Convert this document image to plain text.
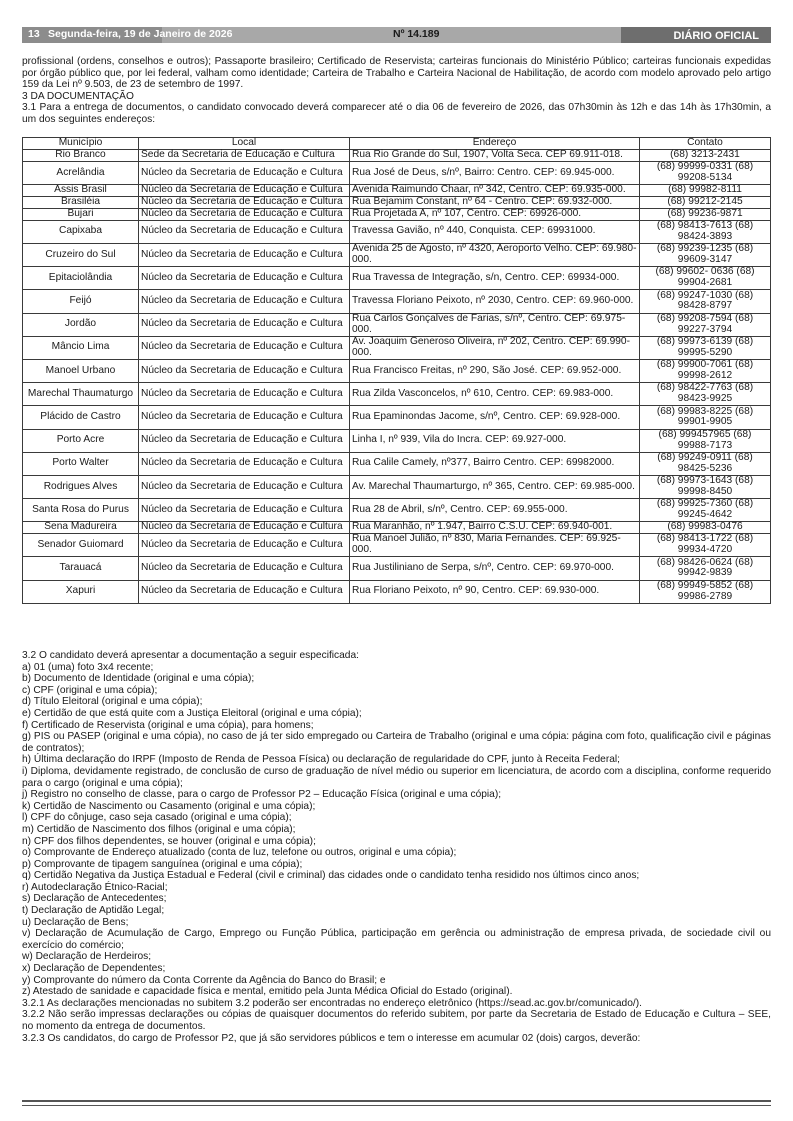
13 Segunda-feira, 19 de Janeiro de 2026	Nº 14.189	DIÁRIO OFICIAL

profissional (ordens, conselhos e outros); Passaporte brasileiro; Certificado de Reservista; carteiras funcionais do Ministério Público; carteiras funcionais expedidas por órgão público que, por lei federal, valham como identidade; Carteira de Trabalho e Carteira Nacional de Habilitação, de acordo com modelo aprovado pelo artigo 159 da Lei nº 9.503, de 23 de setembro de 1997.

3 DA DOCUMENTAÇÃO

3.1 Para a entrega de documentos, o candidato convocado deverá comparecer até o dia 06 de fevereiro de 2026, das 07h30min às 12h e das 14h às 17h30min, a um dos seguintes endereços:

Município	Local	Endereço	Contato
Rio Branco	Sede da Secretaria de Educação e Cultura	Rua Rio Grande do Sul, 1907, Volta Seca. CEP 69.911-018.	(68) 3213-2431
Acrelândia	Núcleo da Secretaria de Educação e Cultura	Rua José de Deus, s/nº, Bairro: Centro. CEP: 69.945-000.	(68) 99999-0331 (68) 99208-5134
Assis Brasil	Núcleo da Secretaria de Educação e Cultura	Avenida Raimundo Chaar, nº 342, Centro. CEP: 69.935-000.	(68) 99982-8111
Brasiléia	Núcleo da Secretaria de Educação e Cultura	Rua Bejamim Constant, nº 64 - Centro. CEP: 69.932-000.	(68) 99212-2145
Bujari	Núcleo da Secretaria de Educação e Cultura	Rua Projetada A, nº 107, Centro. CEP: 69926-000.	(68) 99236-9871
Capixaba	Núcleo da Secretaria de Educação e Cultura	Travessa Gavião, nº 440, Conquista. CEP: 69931000.	(68) 98413-7613 (68) 98424-3893
Cruzeiro do Sul	Núcleo da Secretaria de Educação e Cultura	Avenida 25 de Agosto, nº 4320, Aeroporto Velho. CEP: 69.980-000.	(68) 99239-1235 (68) 99609-3147
Epitaciolândia	Núcleo da Secretaria de Educação e Cultura	Rua Travessa de Integração, s/n, Centro. CEP: 69934-000.	(68) 99602- 0636 (68) 99904-2681
Feijó	Núcleo da Secretaria de Educação e Cultura	Travessa Floriano Peixoto, nº 2030, Centro. CEP: 69.960-000.	(68) 99247-1030 (68) 98428-8797
Jordão	Núcleo da Secretaria de Educação e Cultura	Rua Carlos Gonçalves de Farias, s/nº, Centro. CEP: 69.975-000.	(68) 99208-7594 (68) 99227-3794
Mâncio Lima	Núcleo da Secretaria de Educação e Cultura	Av. Joaquim Generoso Oliveira, nº 202, Centro. CEP: 69.990-000.	(68) 99973-6139 (68) 99995-5290
Manoel Urbano	Núcleo da Secretaria de Educação e Cultura	Rua Francisco Freitas, nº 290, São José. CEP: 69.952-000.	(68) 99900-7061 (68) 99998-2612
Marechal Thaumaturgo	Núcleo da Secretaria de Educação e Cultura	Rua Zilda Vasconcelos, nº 610, Centro. CEP: 69.983-000.	(68) 98422-7763 (68) 98423-9925
Plácido de Castro	Núcleo da Secretaria de Educação e Cultura	Rua Epaminondas Jacome, s/nº, Centro. CEP: 69.928-000.	(68) 99983-8225 (68) 99901-9905
Porto Acre	Núcleo da Secretaria de Educação e Cultura	Linha I, nº 939, Vila do Incra. CEP: 69.927-000.	(68) 999457965 (68) 99988-7173
Porto Walter	Núcleo da Secretaria de Educação e Cultura	Rua Calile Camely, nº377, Bairro Centro. CEP: 69982000.	(68) 99249-0911 (68) 98425-5236
Rodrigues Alves	Núcleo da Secretaria de Educação e Cultura	Av. Marechal Thaumarturgo, nº 365, Centro. CEP: 69.985-000.	(68) 99973-1643 (68) 99998-8450
Santa Rosa do Purus	Núcleo da Secretaria de Educação e Cultura	Rua 28 de Abril, s/nº, Centro. CEP: 69.955-000.	(68) 99925-7360 (68) 99245-4642
Sena Madureira	Núcleo da Secretaria de Educação e Cultura	Rua Maranhão, nº 1.947, Bairro C.S.U. CEP: 69.940-001.	(68) 99983-0476
Senador Guiomard	Núcleo da Secretaria de Educação e Cultura	Rua Manoel Julião, nº 830, Maria Fernandes. CEP: 69.925-000.	(68) 98413-1722 (68) 99934-4720
Tarauacá	Núcleo da Secretaria de Educação e Cultura	Rua Justiliniano de Serpa, s/nº, Centro. CEP: 69.970-000.	(68) 98426-0624 (68) 99942-9839
Xapuri	Núcleo da Secretaria de Educação e Cultura	Rua Floriano Peixoto, nº 90, Centro. CEP: 69.930-000.	(68) 99949-5852 (68) 99986-2789

3.2 O candidato deverá apresentar a documentação a seguir especificada:

a) 01 (uma) foto 3x4 recente;

b) Documento de Identidade (original e uma cópia);

c) CPF (original e uma cópia);

d) Título Eleitoral (original e uma cópia);

e) Certidão de que está quite com a Justiça Eleitoral (original e uma cópia);

f) Certificado de Reservista (original e uma cópia), para homens;

g) PIS ou PASEP (original e uma cópia), no caso de já ter sido empregado ou Carteira de Trabalho (original e uma cópia: página com foto, qualificação civil e páginas de contratos);

h) Última declaração do IRPF (Imposto de Renda de Pessoa Física) ou declaração de regularidade do CPF, junto à Receita Federal;

i) Diploma, devidamente registrado, de conclusão de curso de graduação de nível médio ou superior em licenciatura, de acordo com a disciplina, conforme requerido para o cargo (original e uma cópia);

j) Registro no conselho de classe, para o cargo de Professor P2 – Educação Física (original e uma cópia);

k) Certidão de Nascimento ou Casamento (original e uma cópia);

l) CPF do cônjuge, caso seja casado (original e uma cópia);

m) Certidão de Nascimento dos filhos (original e uma cópia);

n) CPF dos filhos dependentes, se houver (original e uma cópia);

o) Comprovante de Endereço atualizado (conta de luz, telefone ou outros, original e uma cópia);

p) Comprovante de tipagem sanguínea (original e uma cópia);

q) Certidão Negativa da Justiça Estadual e Federal (civil e criminal) das cidades onde o candidato tenha residido nos últimos cinco anos;

r) Autodeclaração Étnico-Racial;

s) Declaração de Antecedentes;

t) Declaração de Aptidão Legal;

u) Declaração de Bens;

v) Declaração de Acumulação de Cargo, Emprego ou Função Pública, participação em gerência ou administração de empresa privada, de sociedade civil ou exercício do comércio;

w) Declaração de Herdeiros;

x) Declaração de Dependentes;

y) Comprovante do número da Conta Corrente da Agência do Banco do Brasil; e

z) Atestado de sanidade e capacidade física e mental, emitido pela Junta Médica Oficial do Estado (original).

3.2.1 As declarações mencionadas no subitem 3.2 poderão ser encontradas no endereço eletrônico (https://sead.ac.gov.br/comunicado/).

3.2.2 Não serão impressas declarações ou cópias de quaisquer documentos do referido subitem, por parte da Secretaria de Estado de Educação e Cultura – SEE, no momento da entrega de documentos.

3.2.3 Os candidatos, do cargo de Professor P2, que já são servidores públicos e tem o interesse em acumular 02 (dois) cargos, deverão:
